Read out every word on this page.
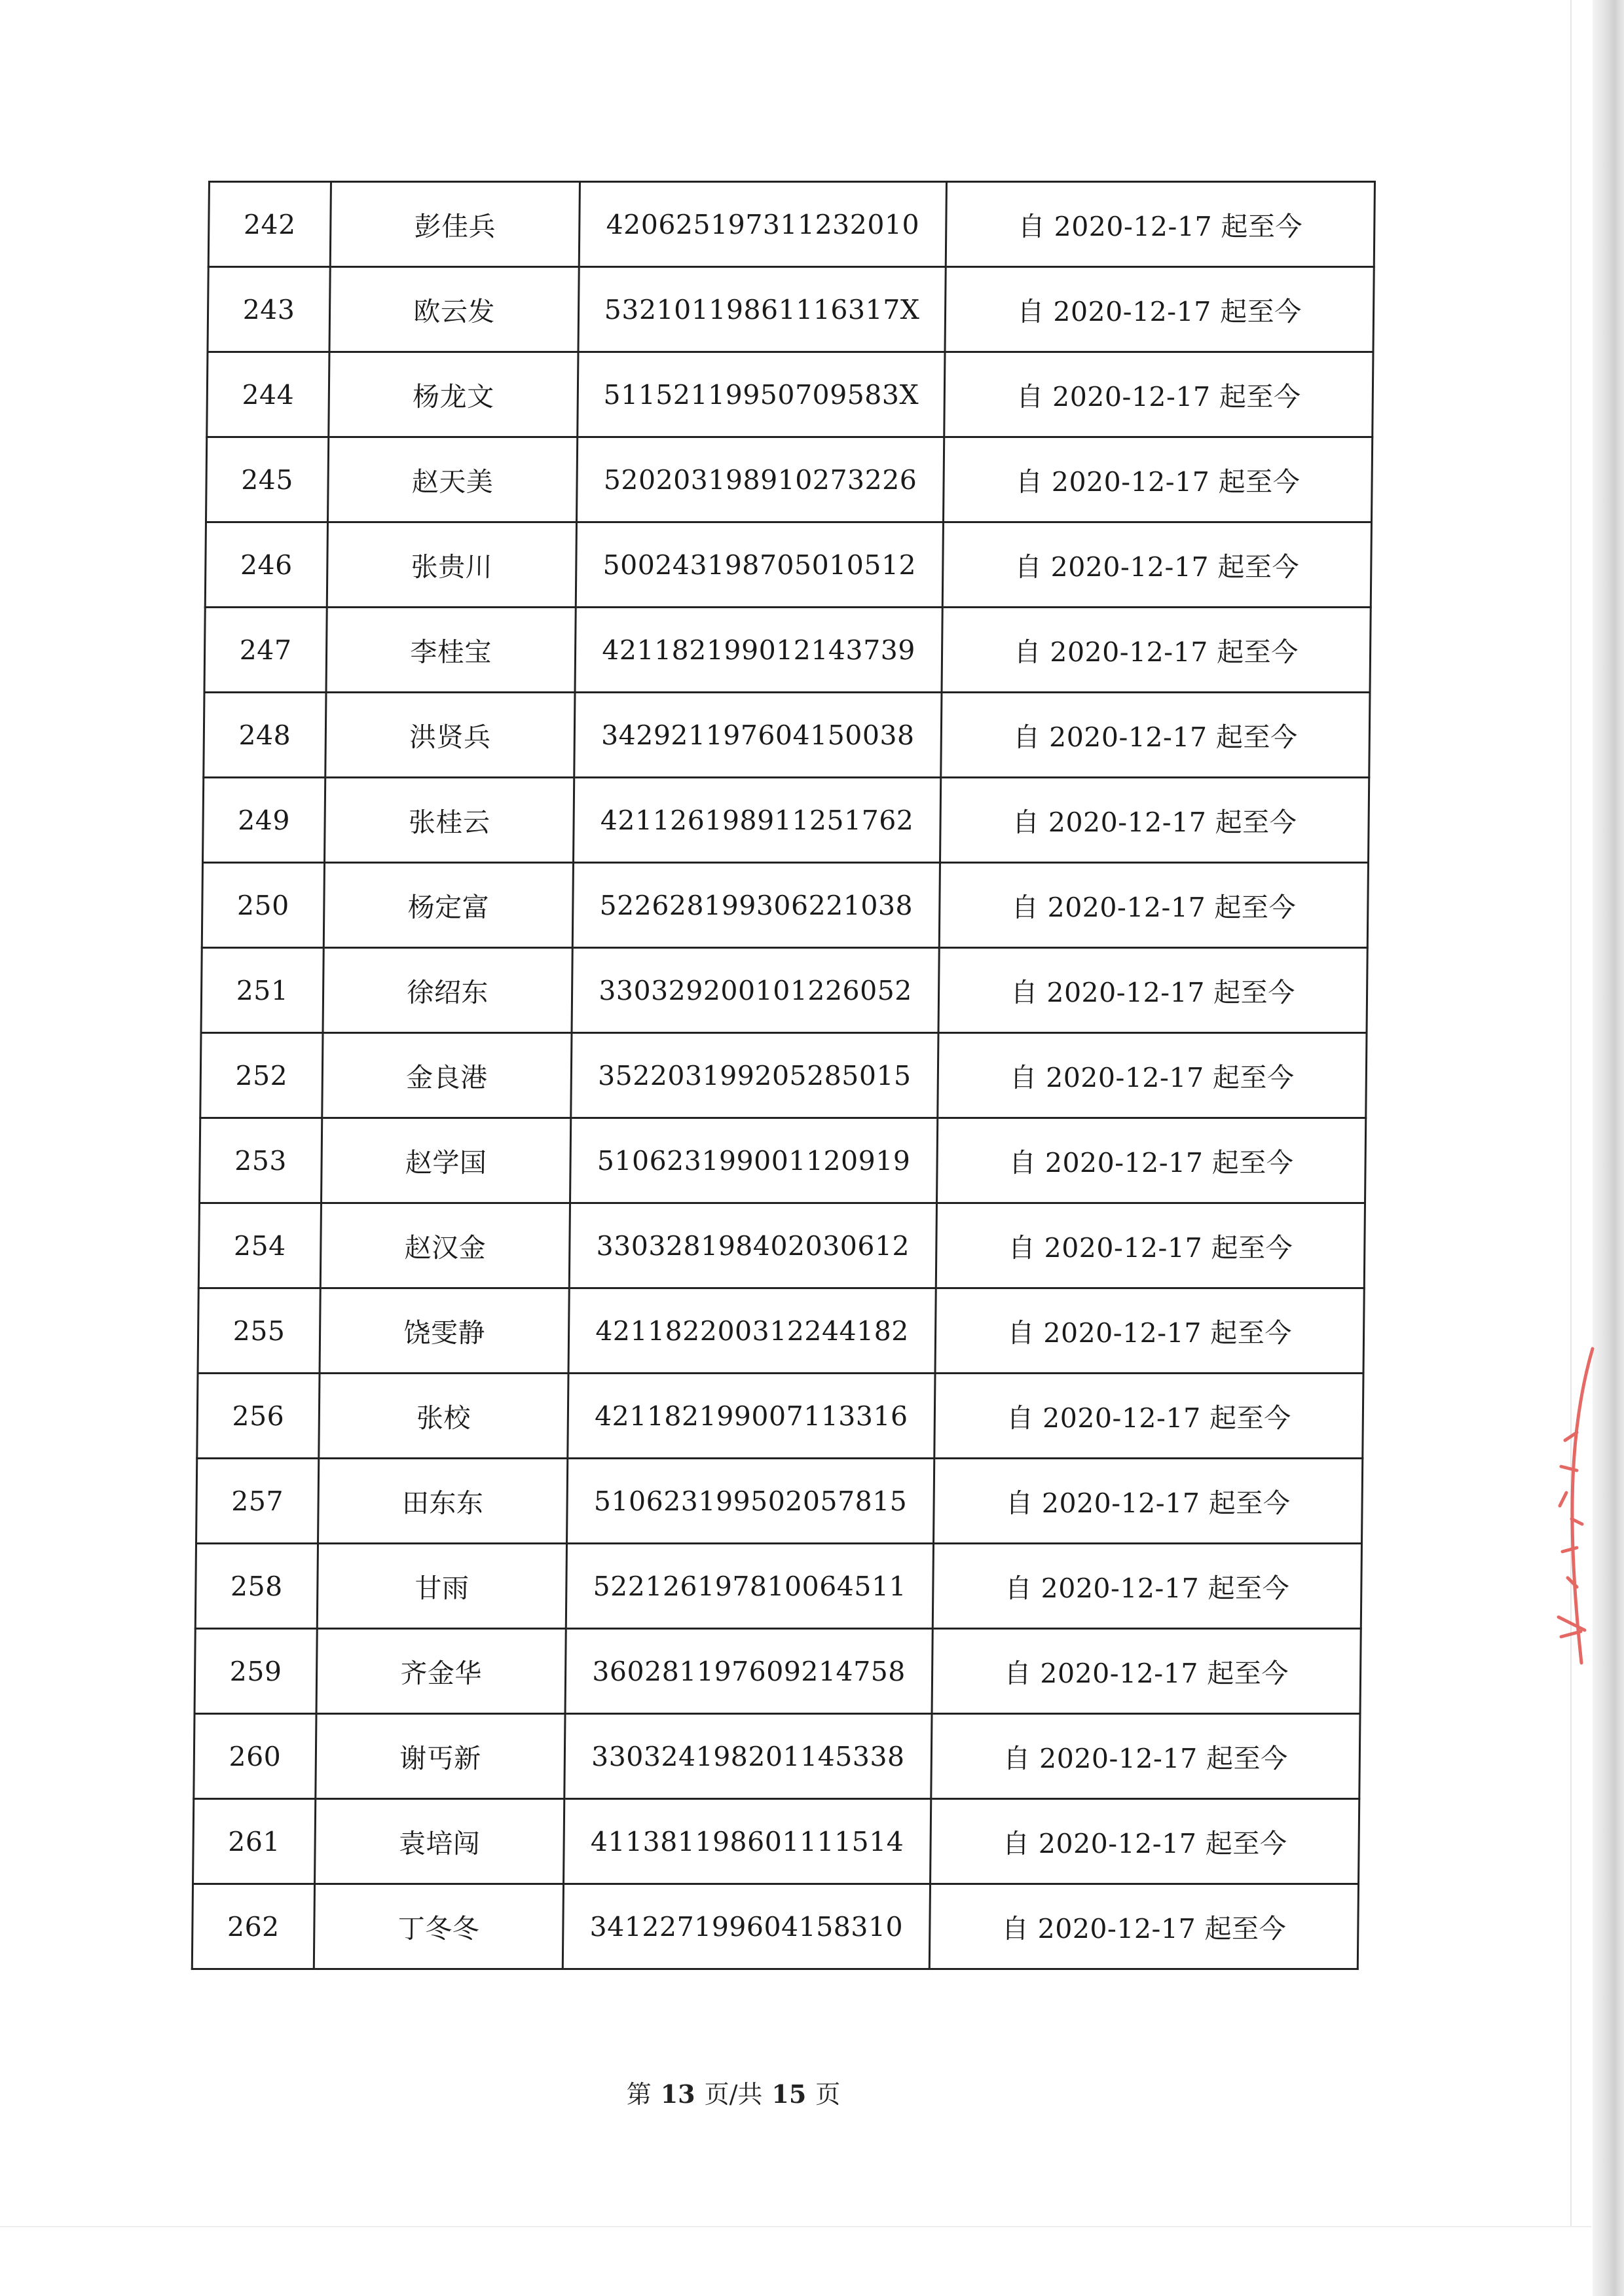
242	彭佳兵	420625197311232010	自 2020-12-17 起至今
243	欧云发	53210119861116317X	自 2020-12-17 起至今
244	杨龙文	51152119950709583X	自 2020-12-17 起至今
245	赵天美	520203198910273226	自 2020-12-17 起至今
246	张贵川	500243198705010512	自 2020-12-17 起至今
247	李桂宝	421182199012143739	自 2020-12-17 起至今
248	洪贤兵	342921197604150038	自 2020-12-17 起至今
249	张桂云	421126198911251762	自 2020-12-17 起至今
250	杨定富	522628199306221038	自 2020-12-17 起至今
251	徐绍东	330329200101226052	自 2020-12-17 起至今
252	金良港	352203199205285015	自 2020-12-17 起至今
253	赵学国	510623199001120919	自 2020-12-17 起至今
254	赵汉金	330328198402030612	自 2020-12-17 起至今
255	饶雯静	421182200312244182	自 2020-12-17 起至今
256	张校	421182199007113316	自 2020-12-17 起至今
257	田东东	510623199502057815	自 2020-12-17 起至今
258	甘雨	522126197810064511	自 2020-12-17 起至今
259	齐金华	360281197609214758	自 2020-12-17 起至今
260	谢丐新	330324198201145338	自 2020-12-17 起至今
261	袁培闯	411381198601111514	自 2020-12-17 起至今
262	丁冬冬	341227199604158310	自 2020-12-17 起至今
第 13 页/共 15 页
